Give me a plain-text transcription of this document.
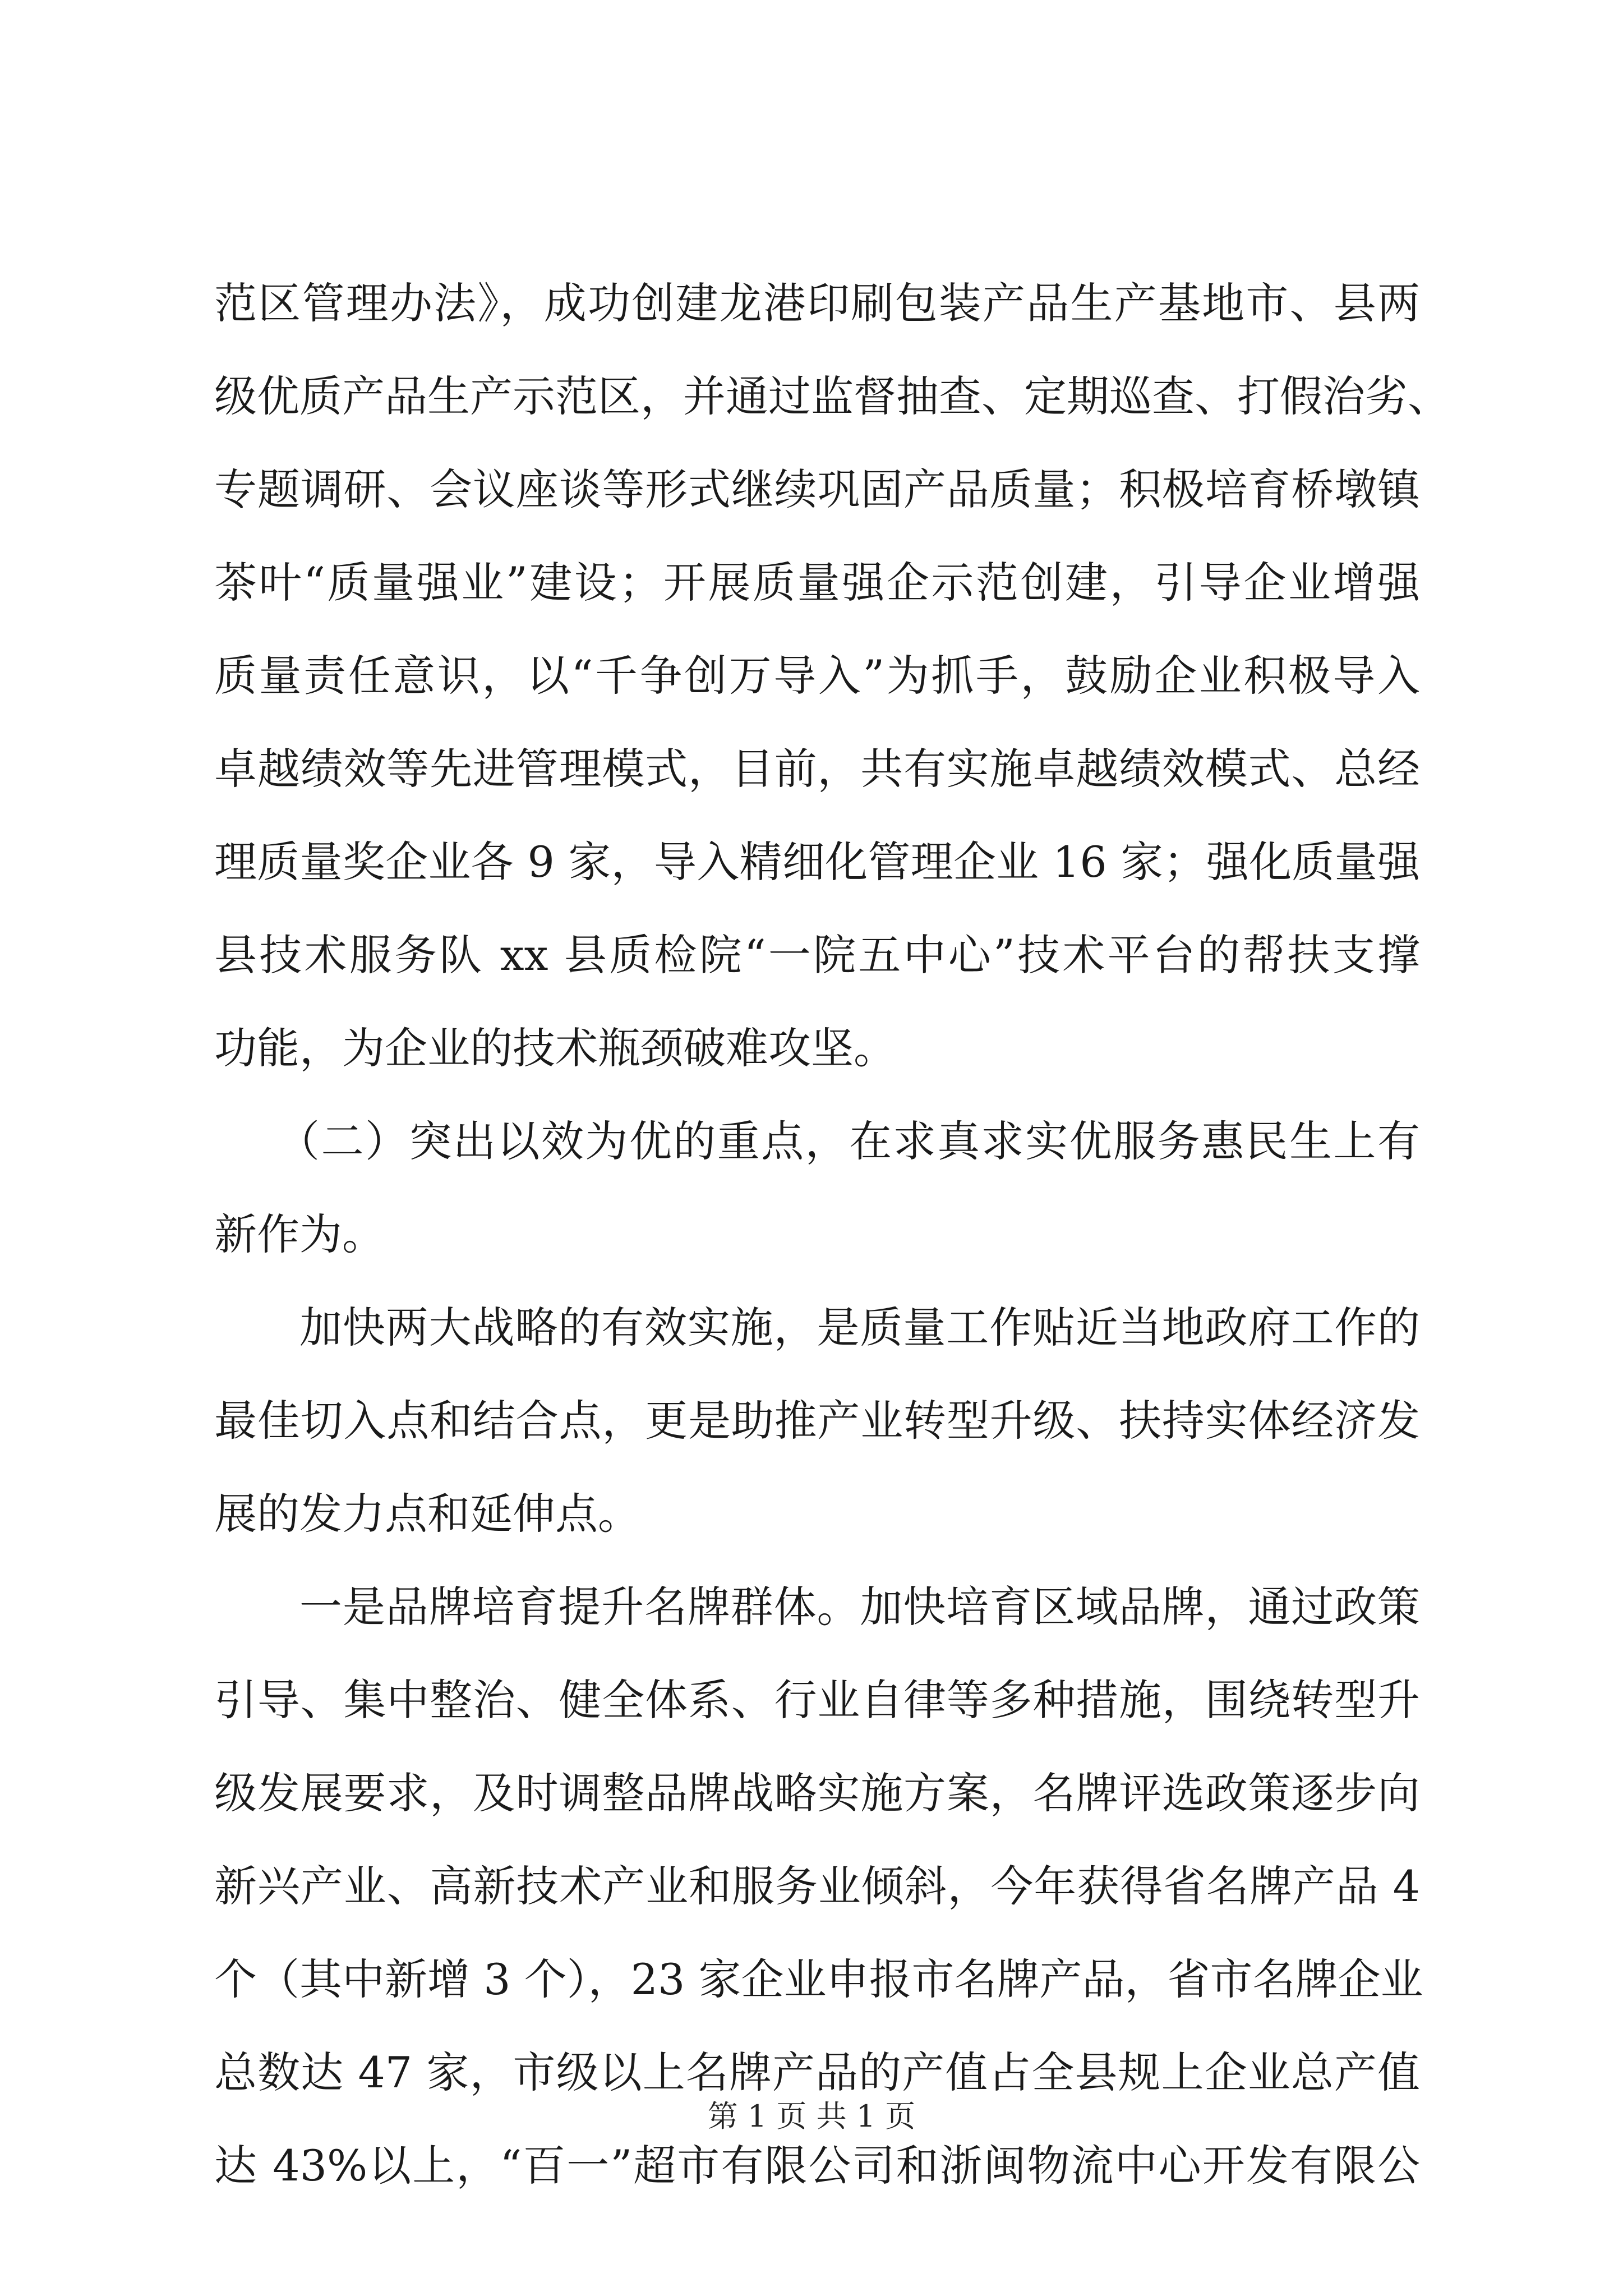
范区管理办法》，成功创建龙港印刷包装产品生产基地市、县两
级优质产品生产示范区，并通过监督抽查、定期巡查、打假治劣、
专题调研、会议座谈等形式继续巩固产品质量；积极培育桥墩镇
茶叶“质量强业”建设；开展质量强企示范创建，引导企业增强
质量责任意识，以“千争创万导入”为抓手，鼓励企业积极导入
卓越绩效等先进管理模式，目前，共有实施卓越绩效模式、总经
理质量奖企业各 9 家，导入精细化管理企业 16 家；强化质量强
县技术服务队 xx 县质检院“一院五中心”技术平台的帮扶支撑
功能，为企业的技术瓶颈破难攻坚。
（二）突出以效为优的重点，在求真求实优服务惠民生上有
新作为。
加快两大战略的有效实施，是质量工作贴近当地政府工作的
最佳切入点和结合点，更是助推产业转型升级、扶持实体经济发
展的发力点和延伸点。
一是品牌培育提升名牌群体。加快培育区域品牌，通过政策
引导、集中整治、健全体系、行业自律等多种措施，围绕转型升
级发展要求，及时调整品牌战略实施方案，名牌评选政策逐步向
新兴产业、高新技术产业和服务业倾斜，今年获得省名牌产品 4
个（其中新增 3 个），23 家企业申报市名牌产品，省市名牌企业
总数达 47 家，市级以上名牌产品的产值占全县规上企业总产值
达 43%以上，“百一”超市有限公司和浙闽物流中心开发有限公
第 1 页 共 1 页
